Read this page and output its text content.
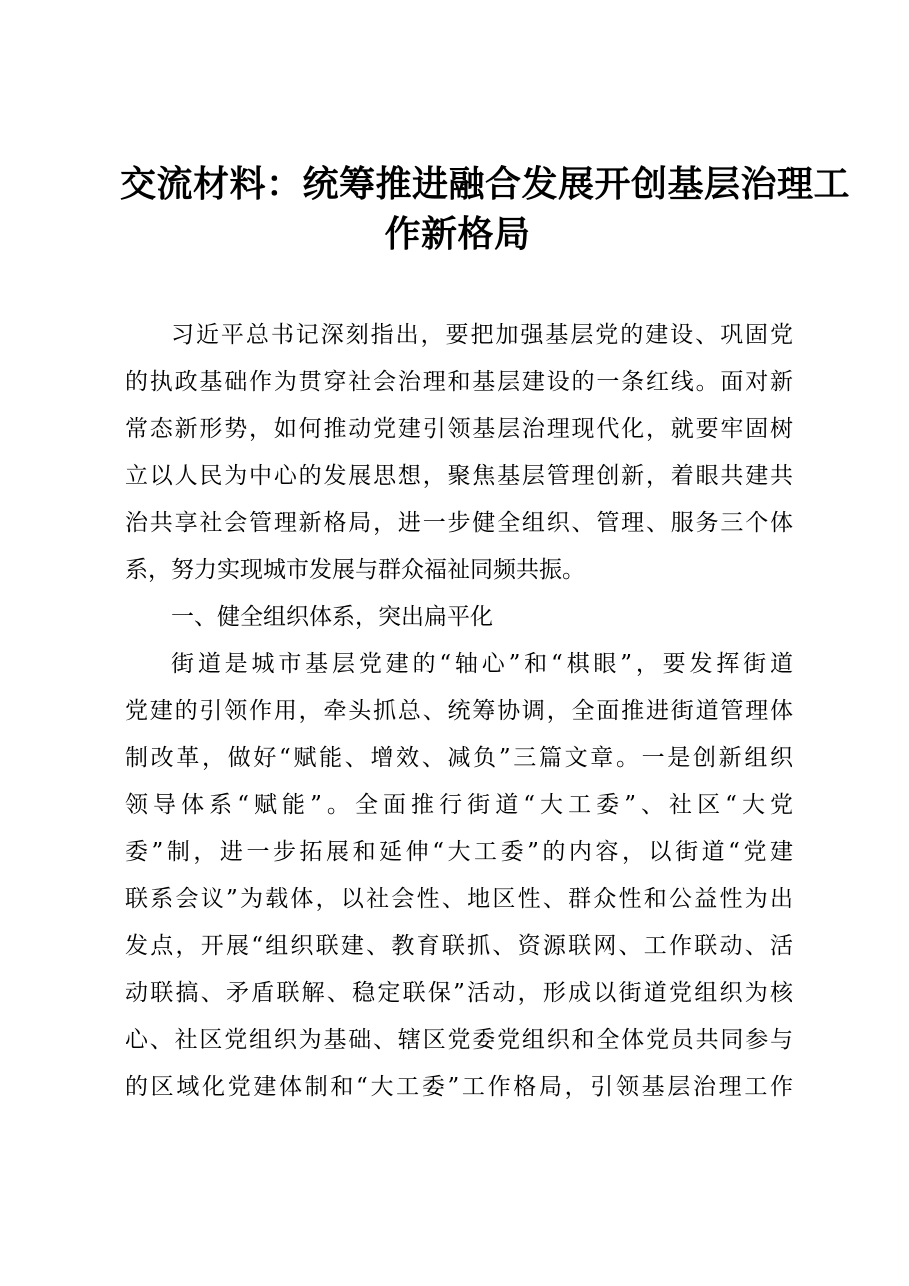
交流材料：统筹推进融合发展开创基层治理工
作新格局
习近平总书记深刻指出，要把加强基层党的建设、巩固党
的执政基础作为贯穿社会治理和基层建设的一条红线。面对新
常态新形势，如何推动党建引领基层治理现代化，就要牢固树
立以人民为中心的发展思想，聚焦基层管理创新，着眼共建共
治共享社会管理新格局，进一步健全组织、管理、服务三个体
系，努力实现城市发展与群众福祉同频共振。
一、健全组织体系，突出扁平化
街道是城市基层党建的“轴心”和“棋眼”，要发挥街道
党建的引领作用，牵头抓总、统筹协调，全面推进街道管理体
制改革，做好“赋能、增效、减负”三篇文章。一是创新组织
领导体系“赋能”。全面推行街道“大工委”、社区“大党
委”制，进一步拓展和延伸“大工委”的内容，以街道“党建
联系会议”为载体，以社会性、地区性、群众性和公益性为出
发点，开展“组织联建、教育联抓、资源联网、工作联动、活
动联搞、矛盾联解、稳定联保”活动，形成以街道党组织为核
心、社区党组织为基础、辖区党委党组织和全体党员共同参与
的区域化党建体制和“大工委”工作格局，引领基层治理工作
